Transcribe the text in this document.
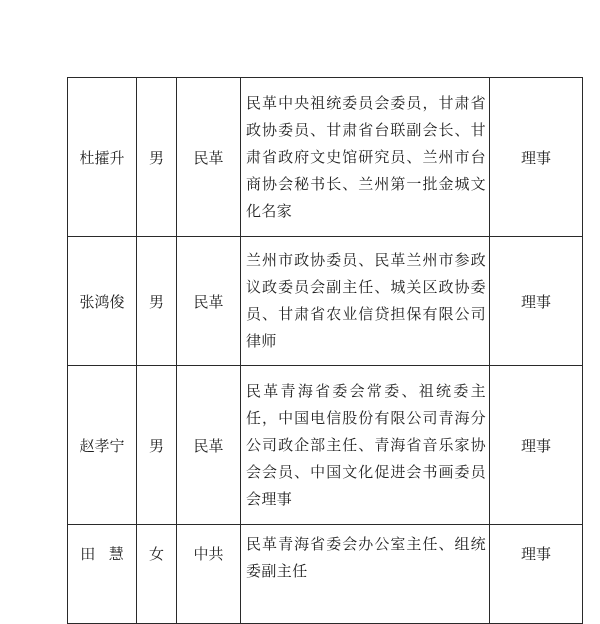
杜攉升	男	民革	民革中央祖统委员会委员，甘肃省政协委员、甘肃省台联副会长、甘肃省政府文史馆研究员、兰州市台商协会秘书长、兰州第一批金城文化名家	理事
张鸿俊	男	民革	兰州市政协委员、民革兰州市参政议政委员会副主任、城关区政协委员、甘肃省农业信贷担保有限公司律师	理事
赵孝宁	男	民革	民革青海省委会常委、祖统委主任，中国电信股份有限公司青海分公司政企部主任、青海省音乐家协会会员、中国文化促进会书画委员会理事	理事
田慧	女	中共	民革青海省委会办公室主任、组统委副主任	理事
